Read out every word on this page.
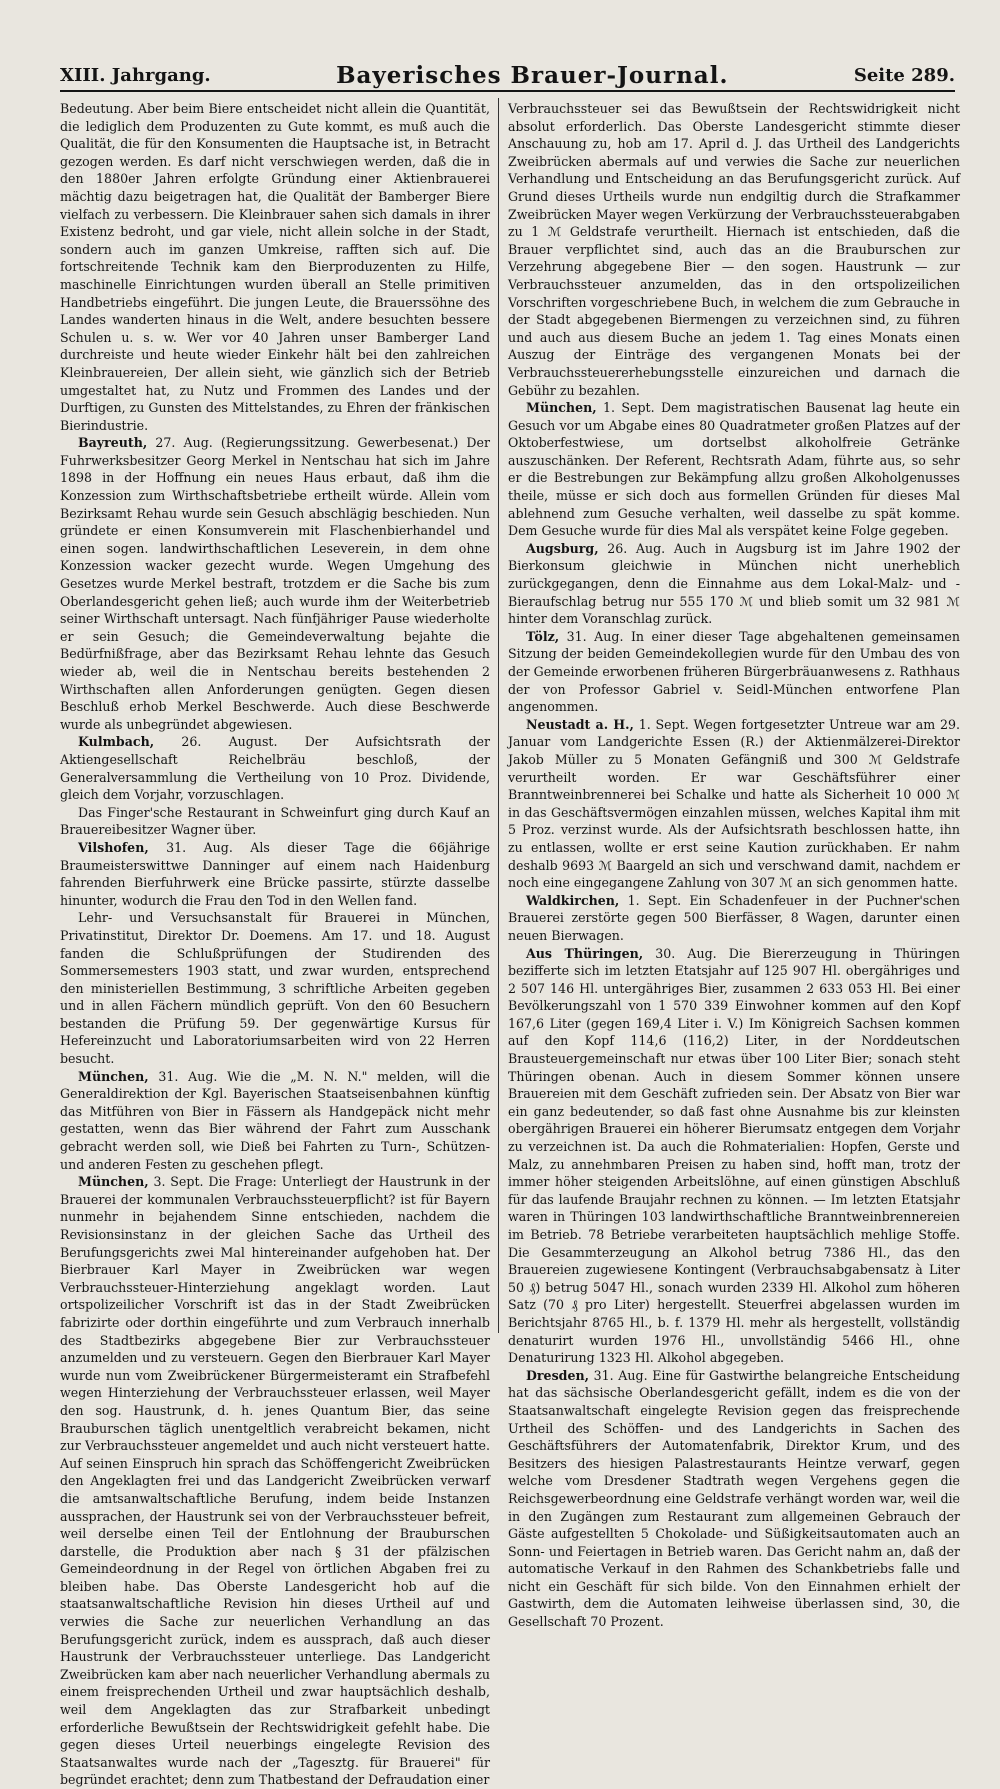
XIII. Jahrgang.	Bayerisches Brauer-Journal.	Seite 289.

Bedeutung. Aber beim Biere entscheidet nicht allein die Quantität, die lediglich dem Produzenten zu Gute kommt, es muß auch die Qualität, die für den Konsumenten die Hauptsache ist, in Betracht gezogen werden. Es darf nicht verschwiegen werden, daß die in den 1880er Jahren erfolgte Gründung einer Aktienbrauerei mächtig dazu beigetragen hat, die Qualität der Bamberger Biere vielfach zu verbessern. Die Kleinbrauer sahen sich damals in ihrer Existenz bedroht, und gar viele, nicht allein solche in der Stadt, sondern auch im ganzen Umkreise, rafften sich auf. Die fortschreitende Technik kam den Bierproduzenten zu Hilfe, maschinelle Einrichtungen wurden überall an Stelle primitiven Handbetriebs eingeführt. Die jungen Leute, die Brauerssöhne des Landes wanderten hinaus in die Welt, andere besuchten bessere Schulen u. s. w. Wer vor 40 Jahren unser Bamberger Land durchreiste und heute wieder Einkehr hält bei den zahlreichen Kleinbrauereien, Der allein sieht, wie gänzlich sich der Betrieb umgestaltet hat, zu Nutz und Frommen des Landes und der Durftigen, zu Gunsten des Mittelstandes, zu Ehren der fränkischen Bierindustrie.

Bayreuth, 27. Aug. (Regierungssitzung. Gewerbesenat.) Der Fuhrwerksbesitzer Georg Merkel in Nentschau hat sich im Jahre 1898 in der Hoffnung ein neues Haus erbaut, daß ihm die Konzession zum Wirthschaftsbetriebe ertheilt würde. Allein vom Bezirksamt Rehau wurde sein Gesuch abschlägig beschieden. Nun gründete er einen Konsumverein mit Flaschenbierhandel und einen sogen. landwirthschaftlichen Leseverein, in dem ohne Konzession wacker gezecht wurde. Wegen Umgehung des Gesetzes wurde Merkel bestraft, trotzdem er die Sache bis zum Oberlandesgericht gehen ließ; auch wurde ihm der Weiterbetrieb seiner Wirthschaft untersagt. Nach fünfjähriger Pause wiederholte er sein Gesuch; die Gemeindeverwaltung bejahte die Bedürfnißfrage, aber das Bezirksamt Rehau lehnte das Gesuch wieder ab, weil die in Nentschau bereits bestehenden 2 Wirthschaften allen Anforderungen genügten. Gegen diesen Beschluß erhob Merkel Beschwerde. Auch diese Beschwerde wurde als unbegründet abgewiesen.

Kulmbach, 26. August. Der Aufsichtsrath der Aktiengesellschaft Reichelbräu beschloß, der Generalversammlung die Vertheilung von 10 Proz. Dividende, gleich dem Vorjahr, vorzuschlagen.

Das Finger'sche Restaurant in Schweinfurt ging durch Kauf an Brauereibesitzer Wagner über.

Vilshofen, 31. Aug. Als dieser Tage die 66jährige Braumeisterswittwe Danninger auf einem nach Haidenburg fahrenden Bierfuhrwerk eine Brücke passirte, stürzte dasselbe hinunter, wodurch die Frau den Tod in den Wellen fand.

Lehr- und Versuchsanstalt für Brauerei in München, Privatinstitut, Direktor Dr. Doemens. Am 17. und 18. August fanden die Schlußprüfungen der Studirenden des Sommersemesters 1903 statt, und zwar wurden, entsprechend den ministeriellen Bestimmung, 3 schriftliche Arbeiten gegeben und in allen Fächern mündlich geprüft. Von den 60 Besuchern bestanden die Prüfung 59. Der gegenwärtige Kursus für Hefereinzucht und Laboratoriumsarbeiten wird von 22 Herren besucht.

München, 31. Aug. Wie die „M. N. N." melden, will die Generaldirektion der Kgl. Bayerischen Staatseisenbahnen künftig das Mitführen von Bier in Fässern als Handgepäck nicht mehr gestatten, wenn das Bier während der Fahrt zum Ausschank gebracht werden soll, wie Dieß bei Fahrten zu Turn-, Schützen- und anderen Festen zu geschehen pflegt.

München, 3. Sept. Die Frage: Unterliegt der Haustrunk in der Brauerei der kommunalen Verbrauchssteuerpflicht? ist für Bayern nunmehr in bejahendem Sinne entschieden, nachdem die Revisionsinstanz in der gleichen Sache das Urtheil des Berufungsgerichts zwei Mal hintereinander aufgehoben hat. Der Bierbrauer Karl Mayer in Zweibrücken war wegen Verbrauchssteuer-Hinterziehung angeklagt worden. Laut ortspolizeilicher Vorschrift ist das in der Stadt Zweibrücken fabrizirte oder dorthin eingeführte und zum Verbrauch innerhalb des Stadtbezirks abgegebene Bier zur Verbrauchssteuer anzumelden und zu versteuern. Gegen den Bierbrauer Karl Mayer wurde nun vom Zweibrückener Bürgermeisteramt ein Strafbefehl wegen Hinterziehung der Verbrauchssteuer erlassen, weil Mayer den sog. Haustrunk, d. h. jenes Quantum Bier, das seine Brauburschen täglich unentgeltlich verabreicht bekamen, nicht zur Verbrauchssteuer angemeldet und auch nicht versteuert hatte. Auf seinen Einspruch hin sprach das Schöffengericht Zweibrücken den Angeklagten frei und das Landgericht Zweibrücken verwarf die amtsanwaltschaftliche Berufung, indem beide Instanzen aussprachen, der Haustrunk sei von der Verbrauchssteuer befreit, weil derselbe einen Teil der Entlohnung der Brauburschen darstelle, die Produktion aber nach § 31 der pfälzischen Gemeindeordnung in der Regel von örtlichen Abgaben frei zu bleiben habe. Das Oberste Landesgericht hob auf die staatsanwaltschaftliche Revision hin dieses Urtheil auf und verwies die Sache zur neuerlichen Verhandlung an das Berufungsgericht zurück, indem es aussprach, daß auch dieser Haustrunk der Verbrauchssteuer unterliege. Das Landgericht Zweibrücken kam aber nach neuerlicher Verhandlung abermals zu einem freisprechenden Urtheil und zwar hauptsächlich deshalb, weil dem Angeklagten das zur Strafbarkeit unbedingt erforderliche Bewußtsein der Rechtswidrigkeit gefehlt habe. Die gegen dieses Urteil neuerbings eingelegte Revision des Staatsanwaltes wurde nach der „Tagesztg. für Brauerei" für begründet erachtet; denn zum Thatbestand der Defraudation einer

Verbrauchssteuer sei das Bewußtsein der Rechtswidrigkeit nicht absolut erforderlich. Das Oberste Landesgericht stimmte dieser Anschauung zu, hob am 17. April d. J. das Urtheil des Landgerichts Zweibrücken abermals auf und verwies die Sache zur neuerlichen Verhandlung und Entscheidung an das Berufungsgericht zurück. Auf Grund dieses Urtheils wurde nun endgiltig durch die Strafkammer Zweibrücken Mayer wegen Verkürzung der Verbrauchssteuerabgaben zu 1 ℳ Geldstrafe verurtheilt. Hiernach ist entschieden, daß die Brauer verpflichtet sind, auch das an die Brauburschen zur Verzehrung abgegebene Bier — den sogen. Haustrunk — zur Verbrauchssteuer anzumelden, das in den ortspolizeilichen Vorschriften vorgeschriebene Buch, in welchem die zum Gebrauche in der Stadt abgegebenen Biermengen zu verzeichnen sind, zu führen und auch aus diesem Buche an jedem 1. Tag eines Monats einen Auszug der Einträge des vergangenen Monats bei der Verbrauchssteuererhebungsstelle einzureichen und darnach die Gebühr zu bezahlen.

München, 1. Sept. Dem magistratischen Bausenat lag heute ein Gesuch vor um Abgabe eines 80 Quadratmeter großen Platzes auf der Oktoberfestwiese, um dortselbst alkoholfreie Getränke auszuschänken. Der Referent, Rechtsrath Adam, führte aus, so sehr er die Bestrebungen zur Bekämpfung allzu großen Alkoholgenusses theile, müsse er sich doch aus formellen Gründen für dieses Mal ablehnend zum Gesuche verhalten, weil dasselbe zu spät komme. Dem Gesuche wurde für dies Mal als verspätet keine Folge gegeben.

Augsburg, 26. Aug. Auch in Augsburg ist im Jahre 1902 der Bierkonsum gleichwie in München nicht unerheblich zurückgegangen, denn die Einnahme aus dem Lokal-Malz- und -Bieraufschlag betrug nur 555 170 ℳ und blieb somit um 32 981 ℳ hinter dem Voranschlag zurück.

Tölz, 31. Aug. In einer dieser Tage abgehaltenen gemeinsamen Sitzung der beiden Gemeindekollegien wurde für den Umbau des von der Gemeinde erworbenen früheren Bürgerbräuanwesens z. Rathhaus der von Professor Gabriel v. Seidl-München entworfene Plan angenommen.

Neustadt a. H., 1. Sept. Wegen fortgesetzter Untreue war am 29. Januar vom Landgerichte Essen (R.) der Aktienmälzerei-Direktor Jakob Müller zu 5 Monaten Gefängniß und 300 ℳ Geldstrafe verurtheilt worden. Er war Geschäftsführer einer Branntweinbrennerei bei Schalke und hatte als Sicherheit 10 000 ℳ in das Geschäftsvermögen einzahlen müssen, welches Kapital ihm mit 5 Proz. verzinst wurde. Als der Aufsichtsrath beschlossen hatte, ihn zu entlassen, wollte er erst seine Kaution zurückhaben. Er nahm deshalb 9693 ℳ Baargeld an sich und verschwand damit, nachdem er noch eine eingegangene Zahlung von 307 ℳ an sich genommen hatte.

Waldkirchen, 1. Sept. Ein Schadenfeuer in der Puchner'schen Brauerei zerstörte gegen 500 Bierfässer, 8 Wagen, darunter einen neuen Bierwagen.

Aus Thüringen, 30. Aug. Die Biererzeugung in Thüringen bezifferte sich im letzten Etatsjahr auf 125 907 Hl. obergähriges und 2 507 146 Hl. untergähriges Bier, zusammen 2 633 053 Hl. Bei einer Bevölkerungszahl von 1 570 339 Einwohner kommen auf den Kopf 167,6 Liter (gegen 169,4 Liter i. V.) Im Königreich Sachsen kommen auf den Kopf 114,6 (116,2) Liter, in der Norddeutschen Brausteuergemeinschaft nur etwas über 100 Liter Bier; sonach steht Thüringen obenan. Auch in diesem Sommer können unsere Brauereien mit dem Geschäft zufrieden sein. Der Absatz von Bier war ein ganz bedeutender, so daß fast ohne Ausnahme bis zur kleinsten obergährigen Brauerei ein höherer Bierumsatz entgegen dem Vorjahr zu verzeichnen ist. Da auch die Rohmaterialien: Hopfen, Gerste und Malz, zu annehmbaren Preisen zu haben sind, hofft man, trotz der immer höher steigenden Arbeitslöhne, auf einen günstigen Abschluß für das laufende Braujahr rechnen zu können. — Im letzten Etatsjahr waren in Thüringen 103 landwirthschaftliche Branntweinbrennereien im Betrieb. 78 Betriebe verarbeiteten hauptsächlich mehlige Stoffe. Die Gesammterzeugung an Alkohol betrug 7386 Hl., das den Brauereien zugewiesene Kontingent (Verbrauchsabgabensatz à Liter 50 ₰) betrug 5047 Hl., sonach wurden 2339 Hl. Alkohol zum höheren Satz (70 ₰ pro Liter) hergestellt. Steuerfrei abgelassen wurden im Berichtsjahr 8765 Hl., b. f. 1379 Hl. mehr als hergestellt, vollständig denaturirt wurden 1976 Hl., unvollständig 5466 Hl., ohne Denaturirung 1323 Hl. Alkohol abgegeben.

Dresden, 31. Aug. Eine für Gastwirthe belangreiche Entscheidung hat das sächsische Oberlandesgericht gefällt, indem es die von der Staatsanwaltschaft eingelegte Revision gegen das freisprechende Urtheil des Schöffen- und des Landgerichts in Sachen des Geschäftsführers der Automatenfabrik, Direktor Krum, und des Besitzers des hiesigen Palastrestaurants Heintze verwarf, gegen welche vom Dresdener Stadtrath wegen Vergehens gegen die Reichsgewerbeordnung eine Geldstrafe verhängt worden war, weil die in den Zugängen zum Restaurant zum allgemeinen Gebrauch der Gäste aufgestellten 5 Chokolade- und Süßigkeitsautomaten auch an Sonn- und Feiertagen in Betrieb waren. Das Gericht nahm an, daß der automatische Verkauf in den Rahmen des Schankbetriebs falle und nicht ein Geschäft für sich bilde. Von den Einnahmen erhielt der Gastwirth, dem die Automaten leihweise überlassen sind, 30, die Gesellschaft 70 Prozent.
